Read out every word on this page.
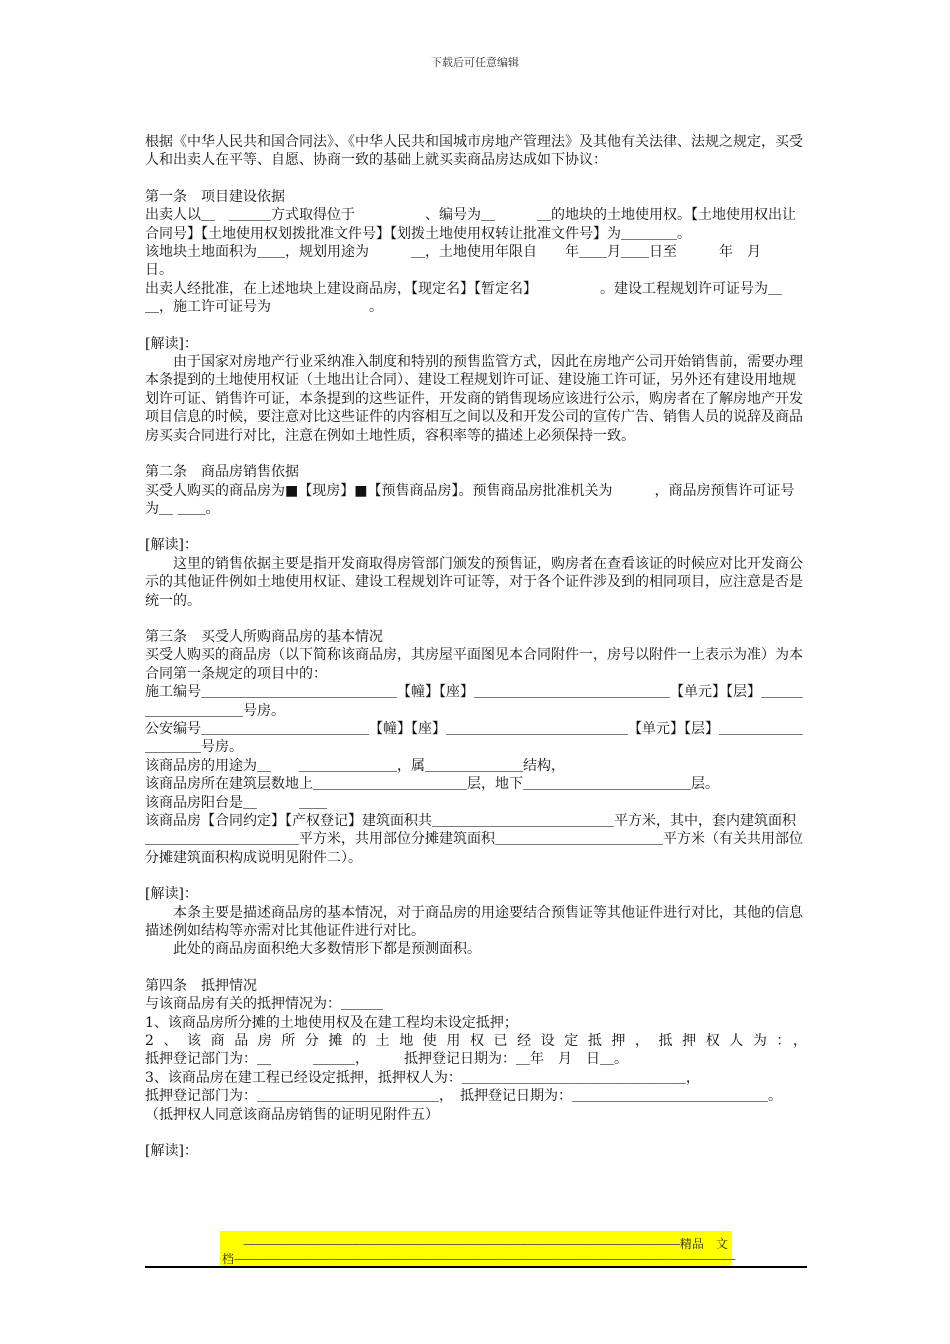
下载后可任意编辑
根据《中华人民共和国合同法》、《中华人民共和国城市房地产管理法》及其他有关法律、法规之规定，买受人和出卖人在平等、自愿、协商一致的基础上就买卖商品房达成如下协议：
第一条　项目建设依据
出卖人以＿　＿＿＿方式取得位于　　　　　、编号为＿　　　＿的地块的土地使用权。【土地使用权出让合同号】【土地使用权划拨批准文件号】【划拨土地使用权转让批准文件号】为＿＿＿＿。
该地块土地面积为＿＿，规划用途为　　　＿，土地使用年限自　　年＿＿月＿＿日至　　　年　月　　日。
出卖人经批准，在上述地块上建设商品房，【现定名】【暂定名】　　　　　。建设工程规划许可证号为＿＿，施工许可证号为　　　　　　　。
[解读]：
由于国家对房地产行业采纳准入制度和特别的预售监管方式，因此在房地产公司开始销售前，需要办理本条提到的土地使用权证（土地出让合同）、建设工程规划许可证、建设施工许可证，另外还有建设用地规划许可证、销售许可证，本条提到的这些证件，开发商的销售现场应该进行公示，购房者在了解房地产开发项目信息的时候，要注意对比这些证件的内容相互之间以及和开发公司的宣传广告、销售人员的说辞及商品房买卖合同进行对比，注意在例如土地性质，容积率等的描述上必须保持一致。
第二条　商品房销售依据
买受人购买的商品房为■【现房】■【预售商品房】。预售商品房批准机关为　　　，商品房预售许可证号为＿ ＿＿。
[解读]：
这里的销售依据主要是指开发商取得房管部门颁发的预售证，购房者在查看该证的时候应对比开发商公示的其他证件例如土地使用权证、建设工程规划许可证等，对于各个证件涉及到的相同项目，应注意是否是统一的。
第三条　买受人所购商品房的基本情况
买受人购买的商品房（以下简称该商品房，其房屋平面图见本合同附件一，房号以附件一上表示为准）为本合同第一条规定的项目中的：
施工编号＿＿＿＿＿＿＿＿＿＿＿＿＿＿【幢】【座】＿＿＿＿＿＿＿＿＿＿＿＿＿＿【单元】【层】＿＿＿＿＿＿＿＿＿＿号房。
公安编号＿＿＿＿＿＿＿＿＿＿＿＿【幢】【座】＿＿＿＿＿＿＿＿＿＿＿＿＿【单元】【层】＿＿＿＿＿＿＿＿＿＿号房。
该商品房的用途为＿　　＿＿＿＿＿＿＿，属＿＿＿＿＿＿＿结构，
该商品房所在建筑层数地上＿＿＿＿＿＿＿＿＿＿＿层，地下＿＿＿＿＿＿＿＿＿＿＿＿层。
该商品房阳台是＿　　　＿＿
该商品房【合同约定】【产权登记】建筑面积共＿＿＿＿＿＿＿＿＿＿＿＿＿平方米，其中，套内建筑面积＿＿＿＿＿＿＿＿＿＿＿平方米，共用部位分摊建筑面积＿＿＿＿＿＿＿＿＿＿＿＿平方米（有关共用部位分摊建筑面积构成说明见附件二）。
[解读]：
本条主要是描述商品房的基本情况，对于商品房的用途要结合预售证等其他证件进行对比，其他的信息描述例如结构等亦需对比其他证件进行对比。
此处的商品房面积绝大多数情形下都是预测面积。
第四条　抵押情况
与该商品房有关的抵押情况为：＿＿＿
1、该商品房所分摊的土地使用权及在建工程均未设定抵押；
2、该商品房所分摊的土地使用权已经设定抵押，抵押权人为：，
抵押登记部门为：＿　　　＿＿＿，　　　抵押登记日期为：＿年　月　日＿。
3、该商品房在建工程已经设定抵押，抵押权人为：＿＿＿＿＿＿＿＿＿＿＿＿＿＿＿＿，
抵押登记部门为：＿＿＿＿＿＿＿＿＿＿＿＿＿，　抵押登记日期为：＿＿＿＿＿＿＿＿＿＿＿＿＿＿。
（抵押权人同意该商品房销售的证明见附件五）
[解读]：
-----------------------------------------------------------------------------------------------------------------------------------------------精品　文
档--------------------------------------------------------------------------------------------------------------------------------------------------------------------
